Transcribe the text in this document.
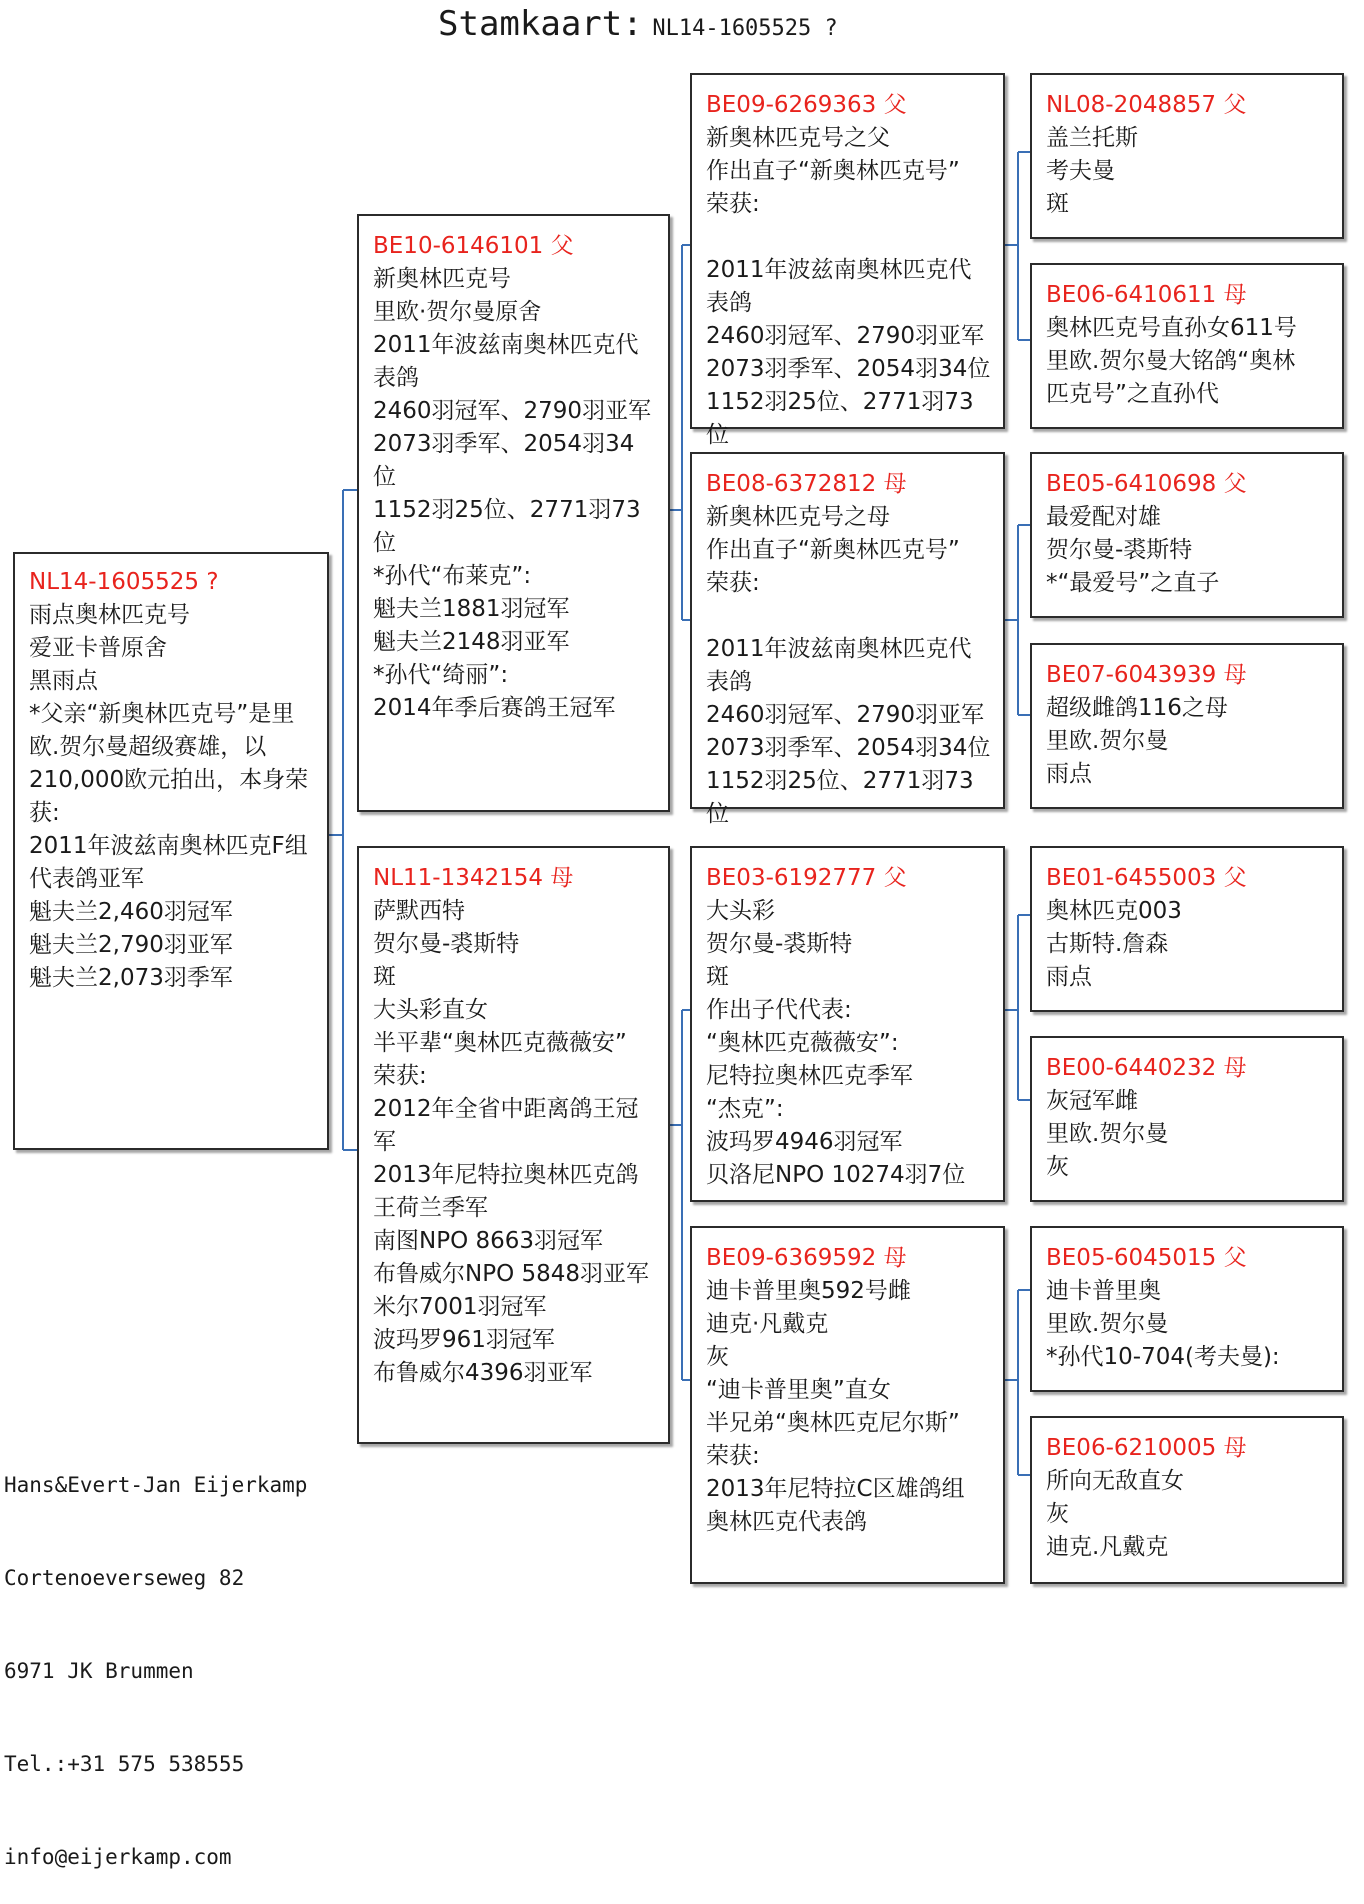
Stamkaart: NL14-1605525 ?
NL14-1605525 ?
雨点奥林匹克号
爱亚卡普原舍
黑雨点
*父亲“新奥林匹克号”是里
欧.贺尔曼超级赛雄，以
210,000欧元拍出，本身荣
获:
2011年波兹南奥林匹克F组
代表鸽亚军
魁夫兰2,460羽冠军
魁夫兰2,790羽亚军
魁夫兰2,073羽季军
BE10-6146101 父
新奥林匹克号
里欧·贺尔曼原舍
2011年波兹南奥林匹克代
表鸽
2460羽冠军、2790羽亚军
2073羽季军、2054羽34位
1152羽25位、2771羽73位
*孙代“布莱克”:
魁夫兰1881羽冠军
魁夫兰2148羽亚军
*孙代“绮丽”:
2014年季后赛鸽王冠军
NL11-1342154 母
萨默西特
贺尔曼-裘斯特
斑
大头彩直女
半平辈“奥林匹克薇薇安”
荣获:
2012年全省中距离鸽王冠
军
2013年尼特拉奥林匹克鸽
王荷兰季军
南图NPO 8663羽冠军
布鲁威尔NPO 5848羽亚军
米尔7001羽冠军
波玛罗961羽冠军
布鲁威尔4396羽亚军
BE09-6269363 父
新奥林匹克号之父
作出直子“新奥林匹克号”
荣获:

2011年波兹南奥林匹克代
表鸽
2460羽冠军、2790羽亚军
2073羽季军、2054羽34位
1152羽25位、2771羽73位
BE08-6372812 母
新奥林匹克号之母
作出直子“新奥林匹克号”
荣获:

2011年波兹南奥林匹克代
表鸽
2460羽冠军、2790羽亚军
2073羽季军、2054羽34位
1152羽25位、2771羽73位
BE03-6192777 父
大头彩
贺尔曼-裘斯特
斑
作出子代代表:
“奥林匹克薇薇安”:
尼特拉奥林匹克季军
“杰克”:
波玛罗4946羽冠军
贝洛尼NPO 10274羽7位
BE09-6369592 母
迪卡普里奥592号雌
迪克·凡戴克
灰
“迪卡普里奥”直女
半兄弟“奥林匹克尼尔斯”
荣获:
2013年尼特拉C区雄鸽组
奥林匹克代表鸽
NL08-2048857 父
盖兰托斯
考夫曼
斑
BE06-6410611 母
奥林匹克号直孙女611号
里欧.贺尔曼大铭鸽“奥林
匹克号”之直孙代
BE05-6410698 父
最爱配对雄
贺尔曼-裘斯特
*“最爱号”之直子
BE07-6043939 母
超级雌鸽116之母
里欧.贺尔曼
雨点
BE01-6455003 父
奥林匹克003
古斯特.詹森
雨点
BE00-6440232 母
灰冠军雌
里欧.贺尔曼
灰
BE05-6045015 父
迪卡普里奥
里欧.贺尔曼
*孙代10-704(考夫曼):
BE06-6210005 母
所向无敌直女
灰
迪克.凡戴克

Hans&Evert-Jan Eijerkamp

Cortenoeverseweg 82

6971 JK Brummen

Tel.:+31 575 538555

info@eijerkamp.com
